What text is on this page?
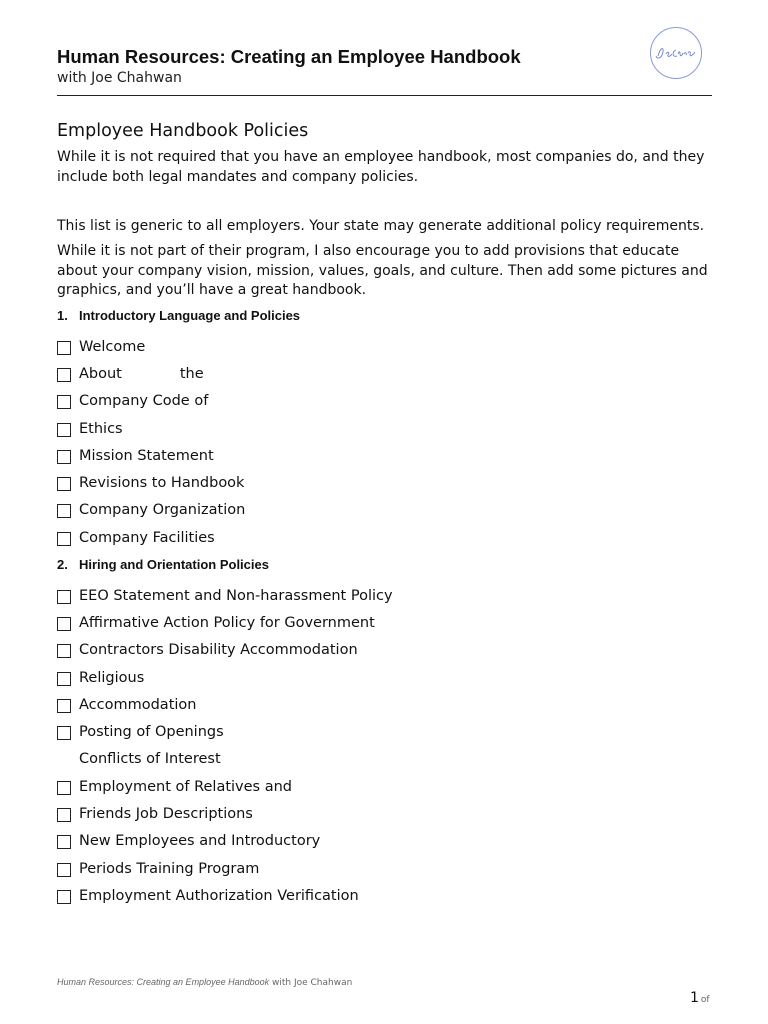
Human Resources: Creating an Employee Handbook
with Joe Chahwan
Employee Handbook Policies

While it is not required that you have an employee handbook, most companies do, and they include both legal mandates and company policies.

This list is generic to all employers. Your state may generate additional policy requirements.

While it is not part of their program, I also encourage you to add provisions that educate about your company vision, mission, values, goals, and culture. Then add some pictures and graphics, and you’ll have a great handbook.

1. Introductory Language and Policies
Welcome
About	the
Company Code of
Ethics
Mission Statement
Revisions to Handbook
Company Organization
Company Facilities
2. Hiring and Orientation Policies
EEO Statement and Non-harassment Policy
Affirmative Action Policy for Government
Contractors Disability Accommodation
Religious
Accommodation
Posting of Openings
Conflicts of Interest
Employment of Relatives and
Friends Job Descriptions
New Employees and Introductory
Periods Training Program
Employment Authorization Verification
Human Resources: Creating an Employee Handbook with Joe Chahwan
1 of
